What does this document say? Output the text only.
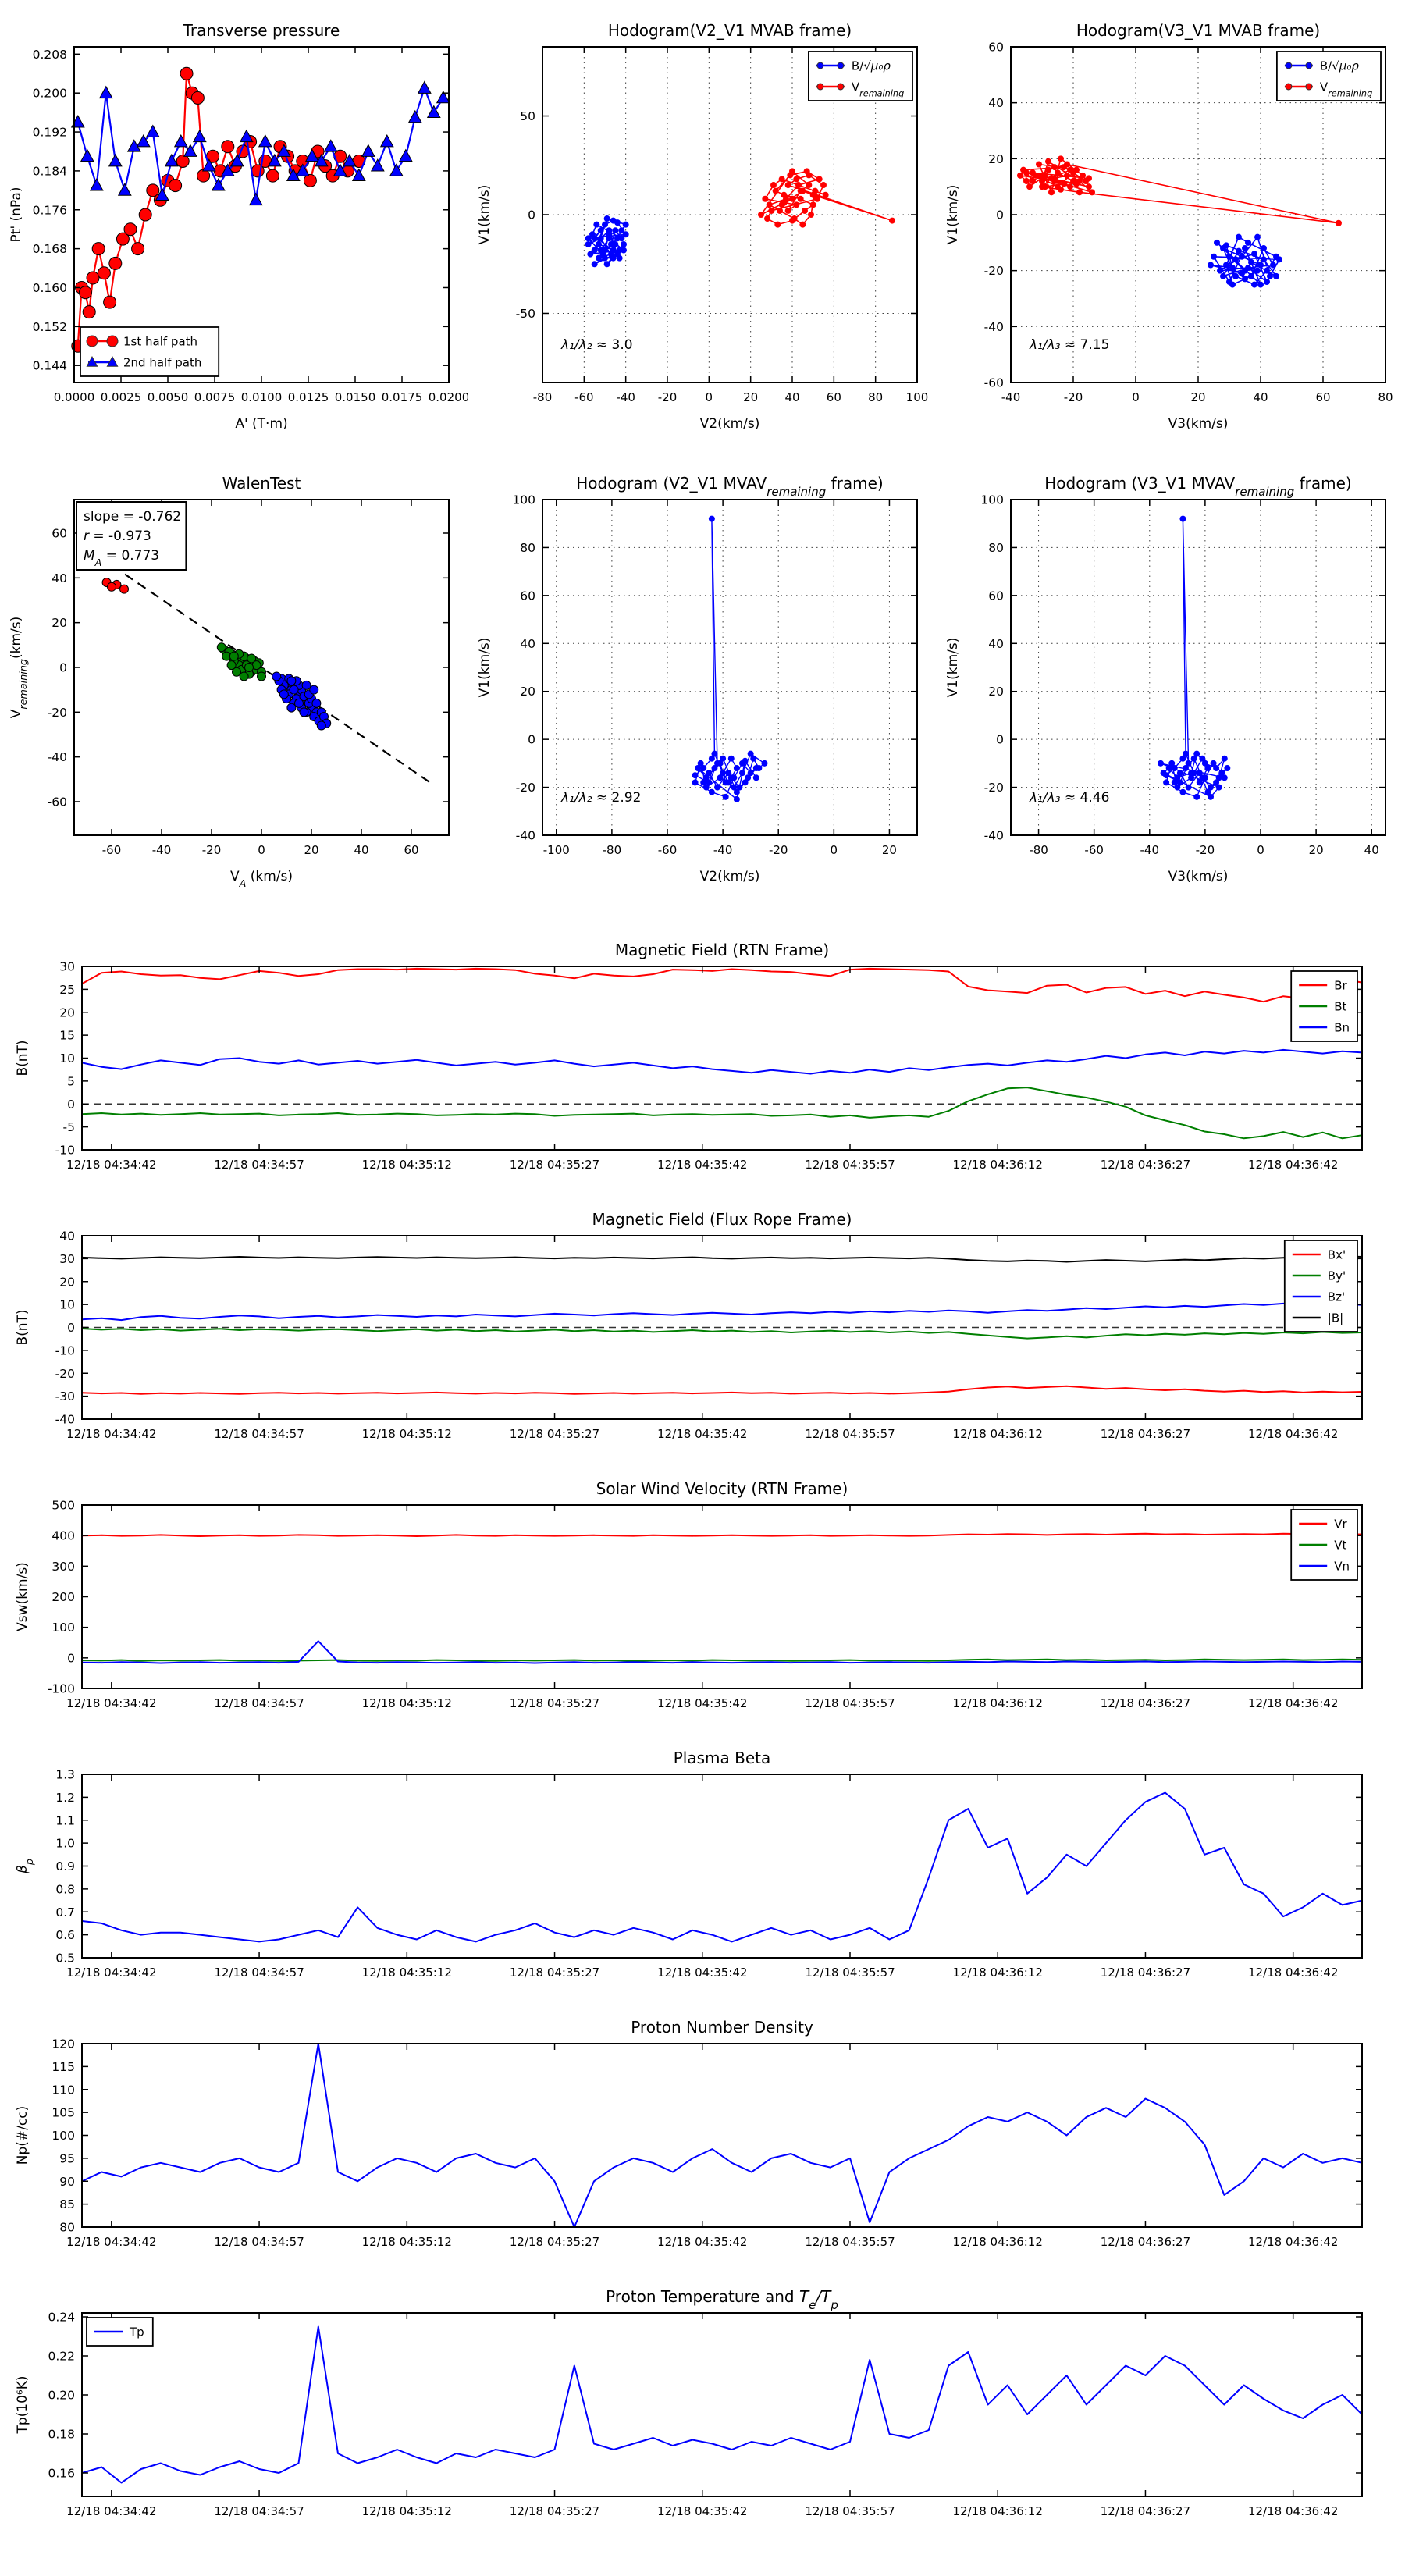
0.0000 0.0025 0.0050 0.0075 0.0100 0.0125 0.0150 0.0175 0.0200
0.208
0.200
0.192
0.184
0.176
0.168
0.160
0.152
0.144
Transverse pressure
A' (T·m)
Pt' (nPa)
1st half path
2nd half path
-80 -60 -40 -20 0	20 40 60 80 100
50
0
-50
Hodogram(V2_V1 MVAB frame)
V2(km/s)
V1(km/s)
λ₁/λ₂ ≈ 3.0
B/√μ₀ρ
$V_{remaining}$
-40	-20	0	20	40	60	80
60
40
20
0
-20
-40
-60
Hodogram(V3_V1 MVAB frame)
V3(km/s)
V1(km/s)
λ₁/λ₃ ≈ 7.15
B/√μ₀ρ
$V_{remaining}$
-60	-40	-20	0	20	40	60
60
40
20
0
-20
-40
-60
WalenTest
$V_A$ (km/s)
$V_{remaining}(km/s)$
slope = -0.762
r = -0.973
$M_A = 0.773$
-100	-80	-60	-40	-20	0	20
100
80
60
40
20
0
-20
-40
Hodogram (V2_V1 $MVAV_{remaining}$ frame)
V2(km/s)
V1(km/s)
λ₁/λ₂ ≈ 2.92
-80	-60	-40	-20	0	20	40
100
80
60
40
20
0
-20
-40
Hodogram (V3_V1 $MVAV_{remaining}$ frame)
V3(km/s)
V1(km/s)
λ₁/λ₃ ≈ 4.46
12/18 04:34:42	12/18 04:34:57	12/18 04:35:12	12/18 04:35:27	12/18 04:35:42	12/18 04:35:57	12/18 04:36:12	12/18 04:36:27	12/18 04:36:42
30
25
20
15
10
5
0
-5
-10
Magnetic Field (RTN Frame)
B(nT)
Br
Bt
Bn
12/18 04:34:42	12/18 04:34:57	12/18 04:35:12	12/18 04:35:27	12/18 04:35:42	12/18 04:35:57	12/18 04:36:12	12/18 04:36:27	12/18 04:36:42
40
30
20
10
0
-10
-20
-30
-40
Magnetic Field (Flux Rope Frame)
B(nT)
Bx'
By'
Bz'
|B|
12/18 04:34:42	12/18 04:34:57	12/18 04:35:12	12/18 04:35:27	12/18 04:35:42	12/18 04:35:57	12/18 04:36:12	12/18 04:36:27	12/18 04:36:42
500
400
300
200
100
0
-100
Solar Wind Velocity (RTN Frame)
Vsw(km/s)
Vr
Vt
Vn
12/18 04:34:42	12/18 04:34:57	12/18 04:35:12	12/18 04:35:27	12/18 04:35:42	12/18 04:35:57	12/18 04:36:12	12/18 04:36:27	12/18 04:36:42
1.3
1.2
1.1
1.0
0.9
0.8
0.7
0.6
0.5
Plasma Beta
$\beta_p$
12/18 04:34:42	12/18 04:34:57	12/18 04:35:12	12/18 04:35:27	12/18 04:35:42	12/18 04:35:57	12/18 04:36:12	12/18 04:36:27	12/18 04:36:42
120
115
110
105
100
95
90
85
80
Proton Number Density
Np(#/cc)
12/18 04:34:42	12/18 04:34:57	12/18 04:35:12	12/18 04:35:27	12/18 04:35:42	12/18 04:35:57	12/18 04:36:12	12/18 04:36:27	12/18 04:36:42
0.24
0.22
0.20
0.18
0.16
Proton Temperature and $T_e/T_p$
Tp(10⁶K)
Tp
